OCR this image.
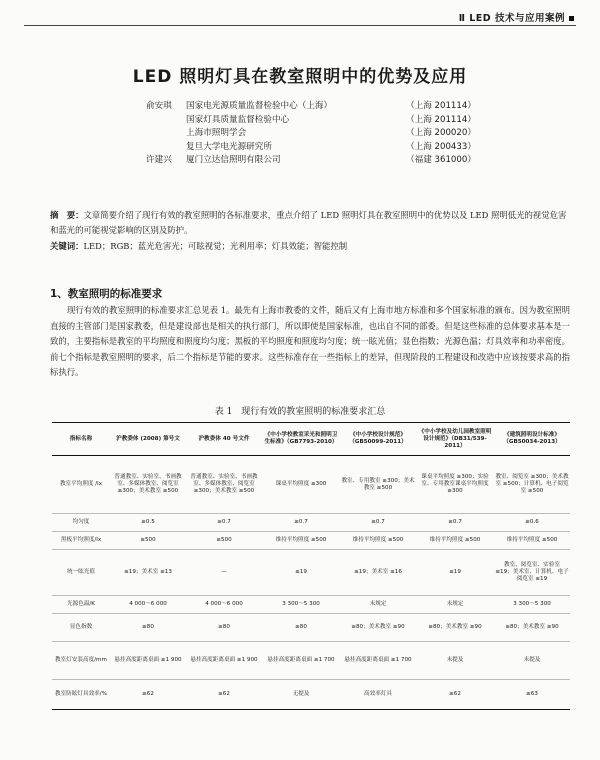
Ⅱ LED 技术与应用案例
LED 照明灯具在教室照明中的优势及应用
俞安琪	国家电光源质量监督检验中心（上海）	（上海 201114）
国家灯具质量监督检验中心	（上海 201114）
上海市照明学会	（上海 200020）
复旦大学电光源研究所	（上海 200433）
许建兴	厦门立达信照明有限公司	（福建 361000）
摘　要：文章简要介绍了现行有效的教室照明的各标准要求，重点介绍了 LED 照明灯具在教室照明中的优势以及 LED 照明低光的视觉危害和蓝光的可能视觉影响的区别及防护。
关键词：LED；RGB；蓝光危害光；可眩视觉；光利用率；灯具效能；智能控制
1、教室照明的标准要求
现行有效的教室照明的标准要求汇总见表 1。最先有上海市教委的文件，随后又有上海市地方标准和多个国家标准的颁布。因为教室照明直接的主管部门是国家教委，但是建设部也是相关的执行部门，所以即使是国家标准，也出自不同的部委。但是这些标准的总体要求基本是一致的，主要指标是教室的平均照度和照度均匀度；黑板的平均照度和照度均匀度；统一眩光值；显色指数；光源色温；灯具效率和功率密度。前七个指标是教室照明的要求，后二个指标是节能的要求。这些标准存在一些指标上的差异，但现阶段的工程建设和改造中应该按要求高的指标执行。
表 1　现行有效的教室照明的标准要求汇总
指标名称	沪教委体 (2008) 第号文	沪教委体 40 号文件	《中小学校教室采光和照明卫生标准》（GB7793-2010）	《中小学校设计规范》（GB50099-2011）	《中小学校及幼儿园教室照明设计规范》（DB31/539-2011）	《建筑照明设计标准》（GB50034-2013）
教室平均照度 /lx	普通教室、实验室、书画教室、多媒体教室、阅览室 ≥300；美术教室 ≥500	普通教室、实验室、书画教室、多媒体教室、阅览室 ≥300；美术教室 ≥500	课桌平均照度 ≥300	教室、专用教室 ≥300；美术教室 ≥500	课桌平均照度 ≥300；实验室、专用教室课桌平均照度 ≥300	教室、阅览室 ≥300；美术教室 ≥500；计算机、电子阅览室 ≥500
均匀度	≥0.5	≥0.7	≥0.7	≥0.7	≥0.7	≥0.6
黑板平均照度/lx	≥500	≥500	维持平均照度 ≥500	维持平均照度 ≥500	维持平均照度 ≥500	维持平均照度 ≥500
统一眩光值	≤19；美术室 ≤13	—	≤19	≤19；美术室 ≤16	≤19	教室、阅览室、实验室 ≤19；美术室、计算机、电子阅览室 ≤19
光源色温/K	4 000～6 000	4 000～6 000	3 300～5 300	未规定	未规定	3 300～5 300
显色指数	≥80	≥80	≥80	≥80；美术教室 ≥90	≥80；美术教室 ≥90	≥80；美术教室 ≥90
教室灯安装高度/mm	悬挂高度距离桌面 ≥1 900	悬挂高度距离桌面 ≥1 900	悬挂高度距离桌面 ≥1 700	悬挂高度距离桌面 ≥1 700	未提及	未提及
教室防眩灯具效率/%	≥62	≥62	无提及	高效率灯具	≥62	≥63
